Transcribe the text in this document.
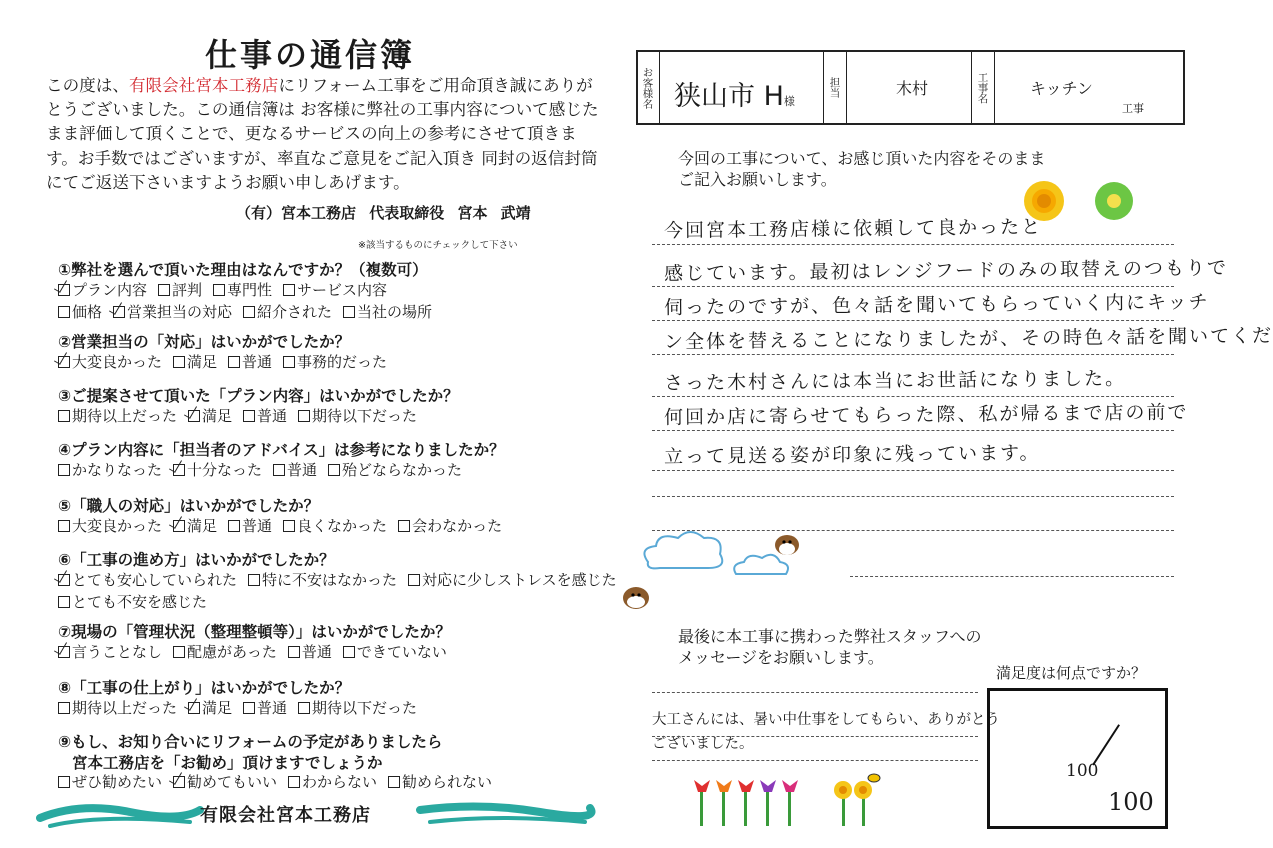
仕事の通信簿
この度は、有限会社宮本工務店にリフォーム工事をご用命頂き誠にありがとうございました。この通信簿は お客様に弊社の工事内容について感じたまま評価して頂くことで、更なるサービスの向上の参考にさせて頂きます。お手数ではございますが、率直なご意見をご記入頂き 同封の返信封筒にてご返送下さいますようお願い申しあげます。
（有）宮本工務店 代表取締役 宮本 武靖
※該当するものにチェックして下さい
①弊社を選んで頂いた理由はなんですか？（複数可）
プラン内容 評判 専門性 サービス内容
価格 営業担当の対応 紹介された 当社の場所
②営業担当の「対応」はいかがでしたか？
大変良かった 満足 普通 事務的だった
③ご提案させて頂いた「プラン内容」はいかがでしたか？
期待以上だった 満足 普通 期待以下だった
④プラン内容に「担当者のアドバイス」は参考になりましたか？
かなりなった 十分なった 普通 殆どならなかった
⑤「職人の対応」はいかがでしたか？
大変良かった 満足 普通 良くなかった 会わなかった
⑥「工事の進め方」はいかがでしたか？
とても安心していられた 特に不安はなかった 対応に少しストレスを感じた
とても不安を感じた
⑦現場の「管理状況（整理整頓等）」はいかがでしたか？
言うことなし 配慮があった 普通 できていない
⑧「工事の仕上がり」はいかがでしたか？
期待以上だった 満足 普通 期待以下だった
⑨もし、お知り合いにリフォームの予定がありましたら
宮本工務店を「お勧め」頂けますでしょうか
ぜひ勧めたい 勧めてもいい わからない 勧められない
有限会社宮本工務店
お客様名 狭山市 H様
担当	木村	工事名	キッチン
工事
今回の工事について、お感じ頂いた内容をそのまま
ご記入お願いします。
今回宮本工務店様に依頼して良かったと
感じています。最初はレンジフードのみの取替えのつもりで
伺ったのですが、色々話を聞いてもらっていく内にキッチ
ン全体を替えることになりましたが、その時色々話を聞いてくだ
さった木村さんには本当にお世話になりました。
何回か店に寄らせてもらった際、私が帰るまで店の前で
立って見送る姿が印象に残っています。
最後に本工事に携わった弊社スタッフへの
メッセージをお願いします。
大工さんには、暑い中仕事をしてもらい、ありがとう
ございました。
満足度は何点ですか？
100
100
